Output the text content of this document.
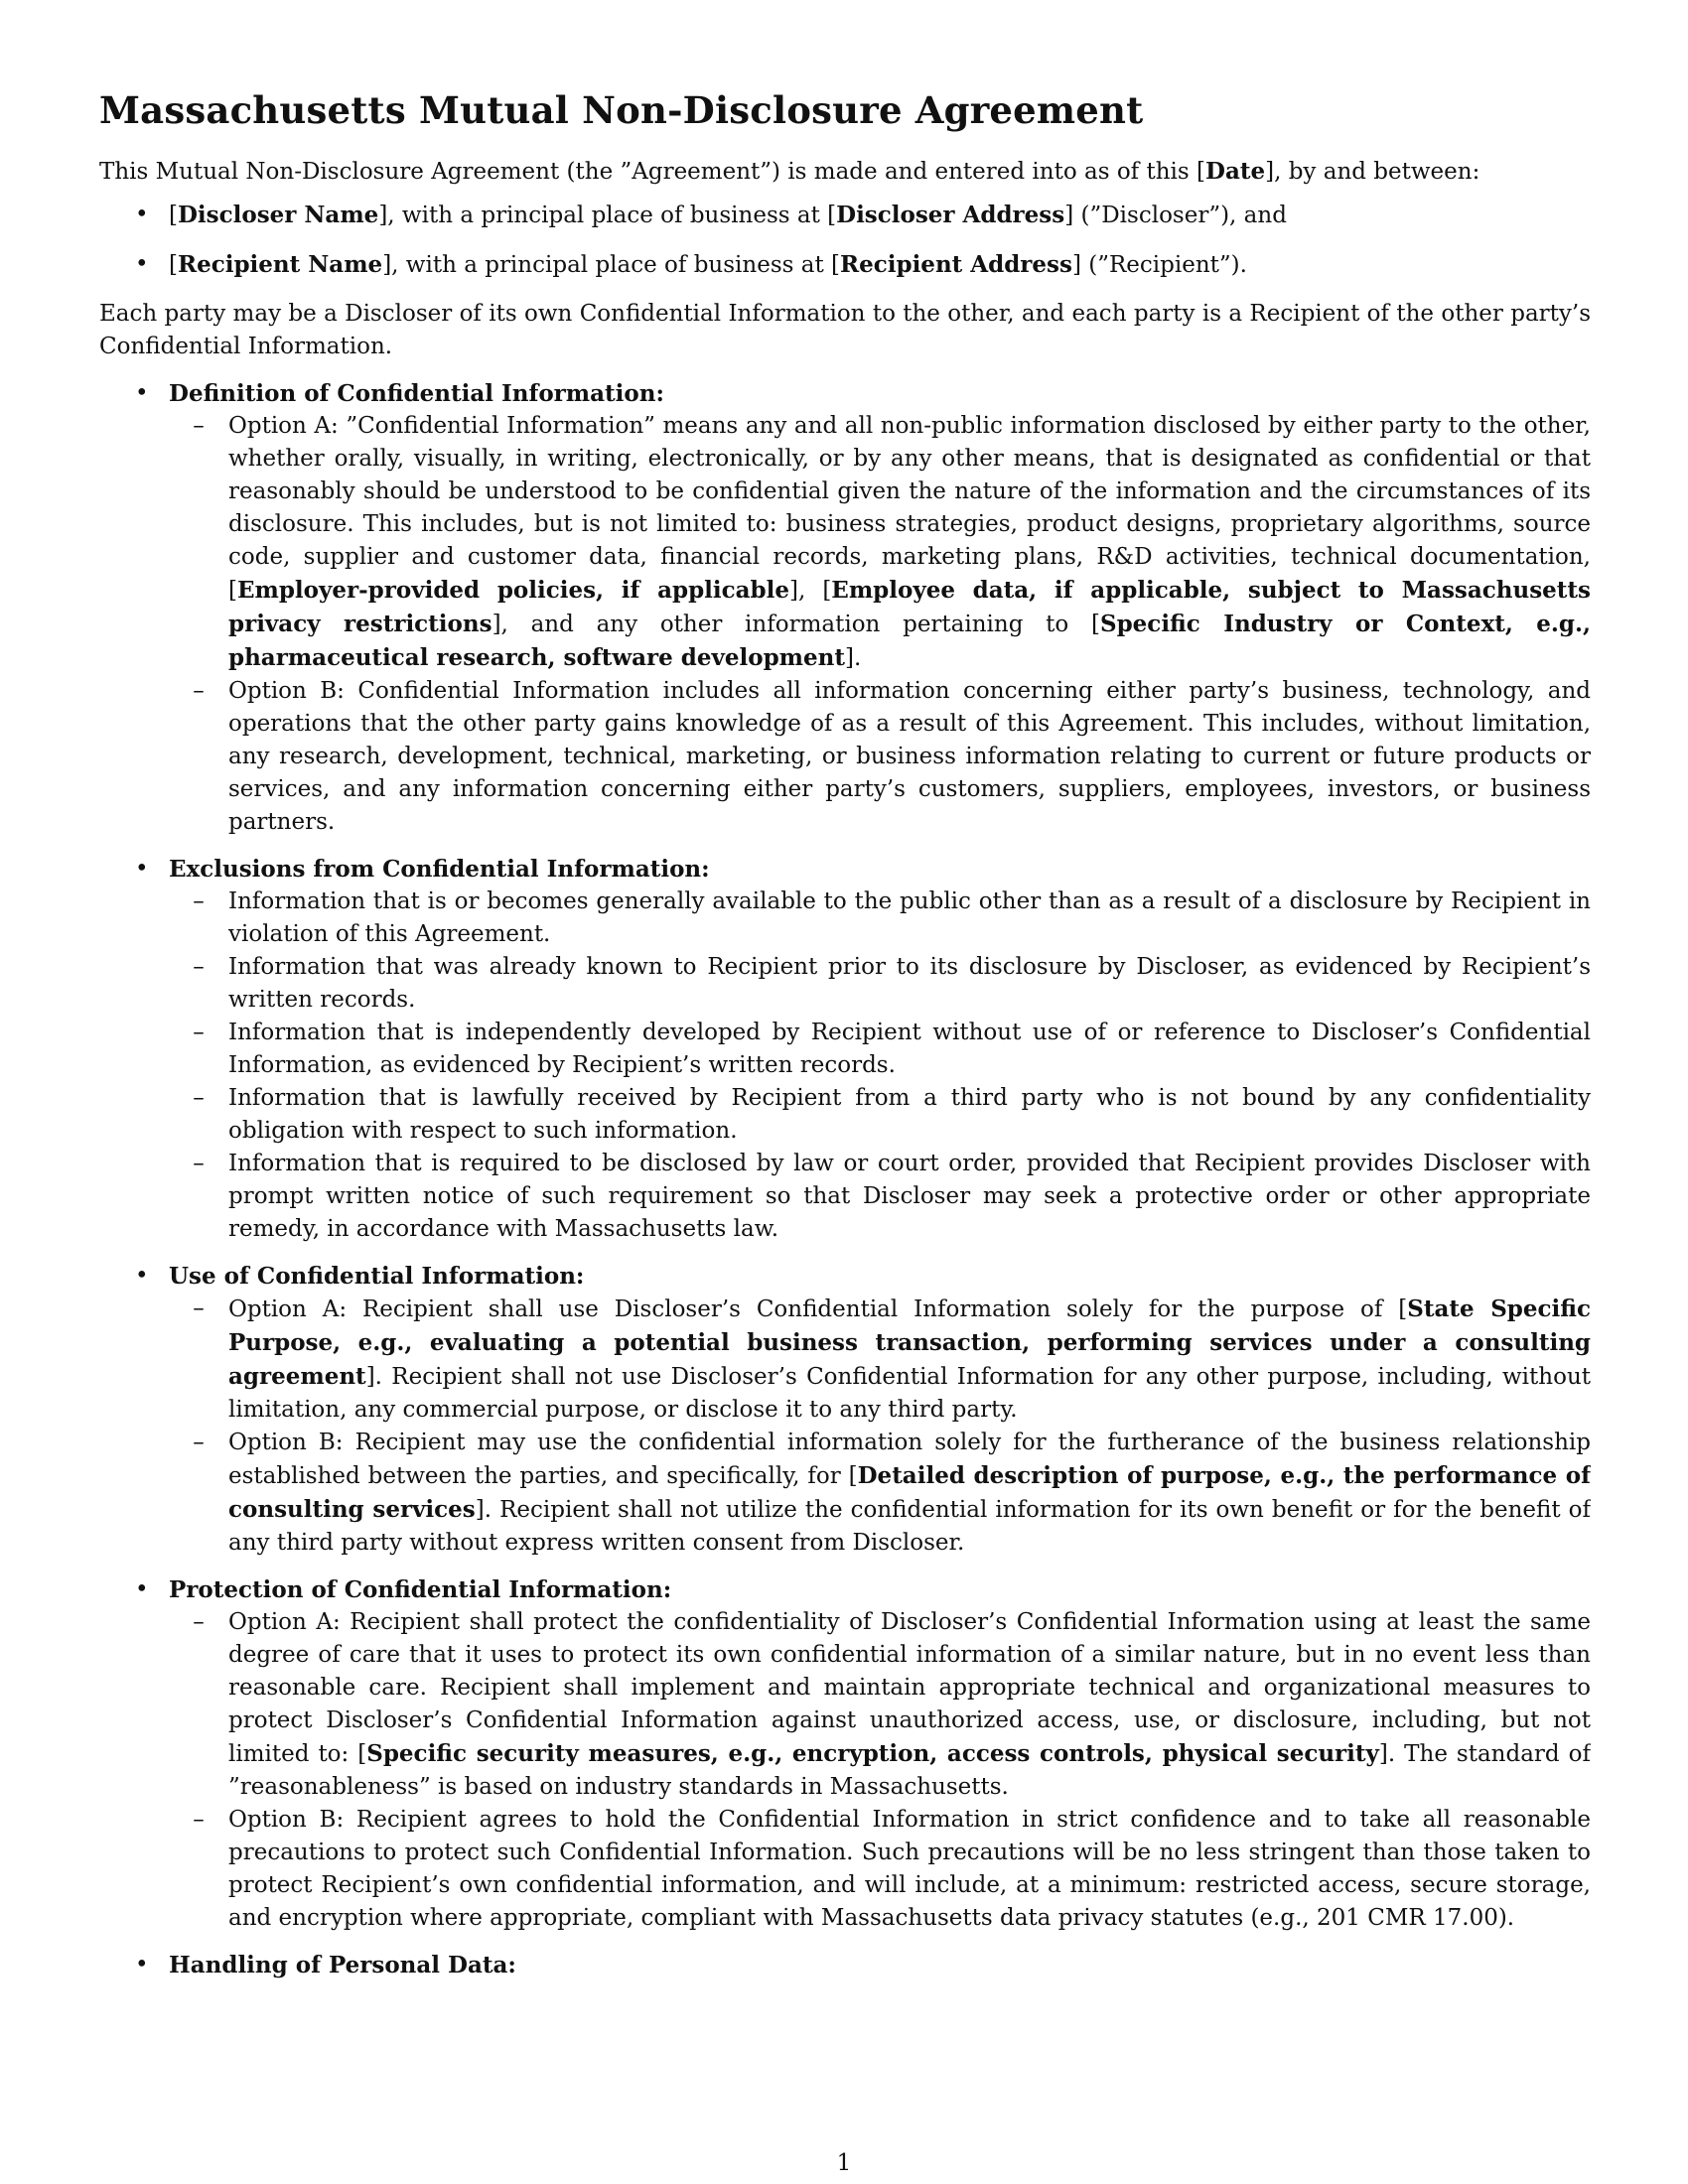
Massachusetts Mutual Non-Disclosure Agreement

This Mutual Non-Disclosure Agreement (the ”Agreement”) is made and entered into as of this [Date], by and between:

• [Discloser Name], with a principal place of business at [Discloser Address] (”Discloser”), and
• [Recipient Name], with a principal place of business at [Recipient Address] (”Recipient”).

Each party may be a Discloser of its own Confidential Information to the other, and each party is a Recipient of the other party’s Confidential Information.

• Definition of Confidential Information:
–	Option A: ”Confidential Information” means any and all non-public information disclosed by either party to the other, whether orally, visually, in writing, electronically, or by any other means, that is designated as confidential or that reasonably should be understood to be confidential given the nature of the information and the circumstances of its disclosure. This includes, but is not limited to: business strategies, product designs, proprietary algorithms, source code, supplier and customer data, financial records, marketing plans, R&D activities, technical documentation, [Employer-provided policies, if applicable], [Employee data, if applicable, subject to Massachusetts privacy restrictions], and any other information pertaining to [Specific Industry or Context, e.g., pharmaceutical research, software development].
–	Option B: Confidential Information includes all information concerning either party’s business, technology, and operations that the other party gains knowledge of as a result of this Agreement. This includes, without limitation, any research, development, technical, marketing, or business information relating to current or future products or services, and any information concerning either party’s customers, suppliers, employees, investors, or business partners.
• Exclusions from Confidential Information:
–	Information that is or becomes generally available to the public other than as a result of a disclosure by Recipient in violation of this Agreement.
–	Information that was already known to Recipient prior to its disclosure by Discloser, as evidenced by Recipient’s written records.
–	Information that is independently developed by Recipient without use of or reference to Discloser’s Confidential Information, as evidenced by Recipient’s written records.
–	Information that is lawfully received by Recipient from a third party who is not bound by any confidentiality obligation with respect to such information.
–	Information that is required to be disclosed by law or court order, provided that Recipient provides Discloser with prompt written notice of such requirement so that Discloser may seek a protective order or other appropriate remedy, in accordance with Massachusetts law.
• Use of Confidential Information:
–	Option A: Recipient shall use Discloser’s Confidential Information solely for the purpose of [State Specific Purpose, e.g., evaluating a potential business transaction, performing services under a consulting agreement]. Recipient shall not use Discloser’s Confidential Information for any other purpose, including, without limitation, any commercial purpose, or disclose it to any third party.
–	Option B: Recipient may use the confidential information solely for the furtherance of the business relationship established between the parties, and specifically, for [Detailed description of purpose, e.g., the performance of consulting services]. Recipient shall not utilize the confidential information for its own benefit or for the benefit of any third party without express written consent from Discloser.
• Protection of Confidential Information:
–	Option A: Recipient shall protect the confidentiality of Discloser’s Confidential Information using at least the same degree of care that it uses to protect its own confidential information of a similar nature, but in no event less than reasonable care. Recipient shall implement and maintain appropriate technical and organizational measures to protect Discloser’s Confidential Information against unauthorized access, use, or disclosure, including, but not limited to: [Specific security measures, e.g., encryption, access controls, physical security]. The standard of ”reasonableness” is based on industry standards in Massachusetts.
–	Option B: Recipient agrees to hold the Confidential Information in strict confidence and to take all reasonable precautions to protect such Confidential Information. Such precautions will be no less stringent than those taken to protect Recipient’s own confidential information, and will include, at a minimum: restricted access, secure storage, and encryption where appropriate, compliant with Massachusetts data privacy statutes (e.g., 201 CMR 17.00).
• Handling of Personal Data:
1
